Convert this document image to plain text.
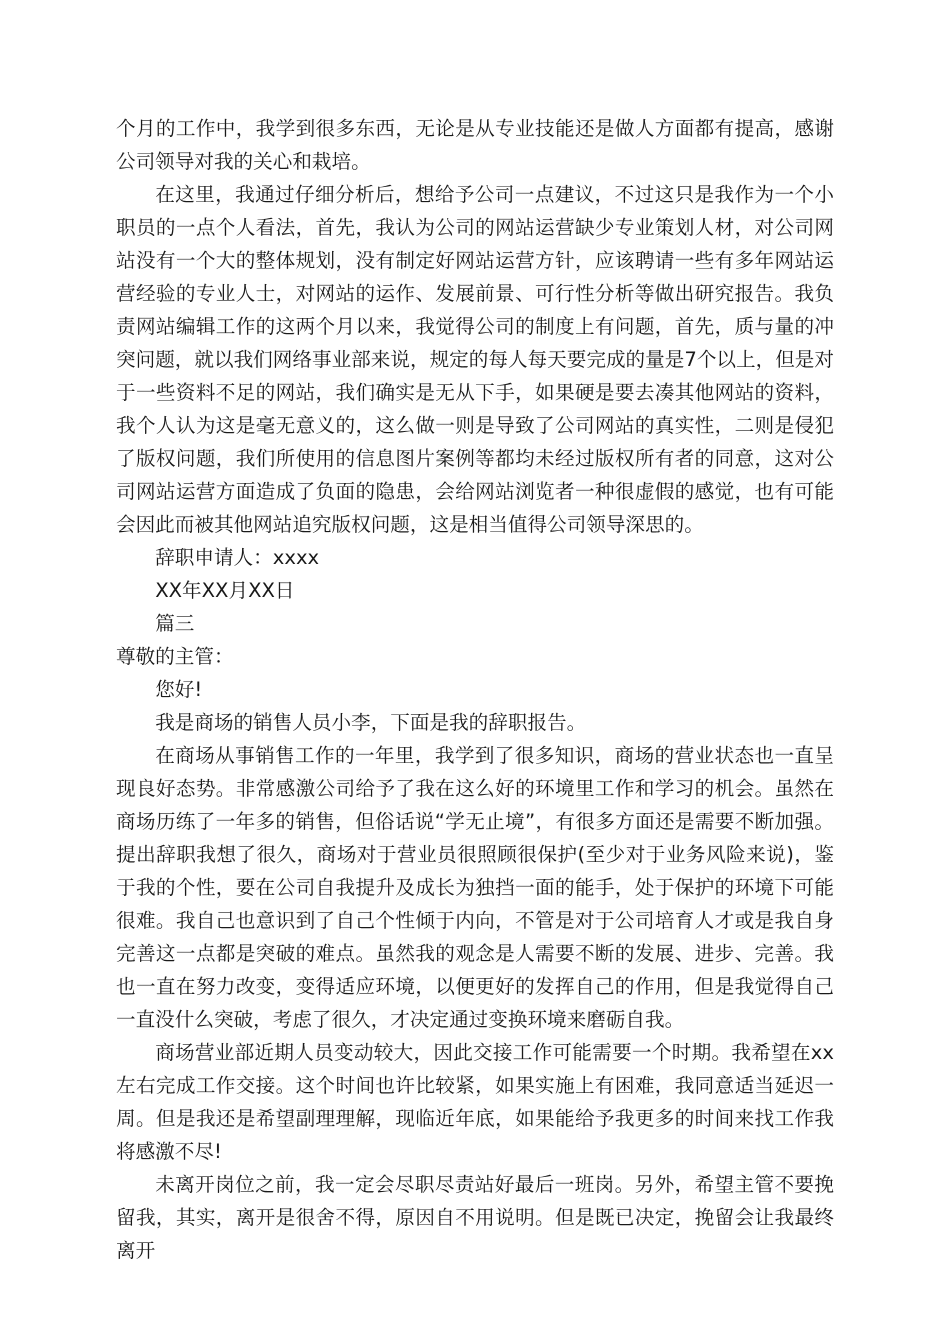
个月的工作中，我学到很多东西，无论是从专业技能还是做人方面都有提高，感谢公司领导对我的关心和栽培。

在这里，我通过仔细分析后，想给予公司一点建议，不过这只是我作为一个小职员的一点个人看法，首先，我认为公司的网站运营缺少专业策划人材，对公司网站没有一个大的整体规划，没有制定好网站运营方针，应该聘请一些有多年网站运营经验的专业人士，对网站的运作、发展前景、可行性分析等做出研究报告。我负责网站编辑工作的这两个月以来，我觉得公司的制度上有问题，首先，质与量的冲突问题，就以我们网络事业部来说，规定的每人每天要完成的量是7个以上，但是对于一些资料不足的网站，我们确实是无从下手，如果硬是要去凑其他网站的资料，我个人认为这是毫无意义的，这么做一则是导致了公司网站的真实性，二则是侵犯了版权问题，我们所使用的信息图片案例等都均未经过版权所有者的同意，这对公司网站运营方面造成了负面的隐患，会给网站浏览者一种很虚假的感觉，也有可能会因此而被其他网站追究版权问题，这是相当值得公司领导深思的。

辞职申请人：xxxx

XX年XX月XX日

篇三

尊敬的主管：

您好!

我是商场的销售人员小李，下面是我的辞职报告。

在商场从事销售工作的一年里，我学到了很多知识，商场的营业状态也一直呈现良好态势。非常感激公司给予了我在这么好的环境里工作和学习的机会。虽然在商场历练了一年多的销售，但俗话说“学无止境”，有很多方面还是需要不断加强。提出辞职我想了很久，商场对于营业员很照顾很保护(至少对于业务风险来说)，鉴于我的个性，要在公司自我提升及成长为独挡一面的能手，处于保护的环境下可能很难。我自己也意识到了自己个性倾于内向，不管是对于公司培育人才或是我自身完善这一点都是突破的难点。虽然我的观念是人需要不断的发展、进步、完善。我也一直在努力改变，变得适应环境，以便更好的发挥自己的作用，但是我觉得自己一直没什么突破，考虑了很久，才决定通过变换环境来磨砺自我。

商场营业部近期人员变动较大，因此交接工作可能需要一个时期。我希望在xx左右完成工作交接。这个时间也许比较紧，如果实施上有困难，我同意适当延迟一周。但是我还是希望副理理解，现临近年底，如果能给予我更多的时间来找工作我将感激不尽!

未离开岗位之前，我一定会尽职尽责站好最后一班岗。另外，希望主管不要挽留我，其实，离开是很舍不得，原因自不用说明。但是既已决定，挽留会让我最终离开
